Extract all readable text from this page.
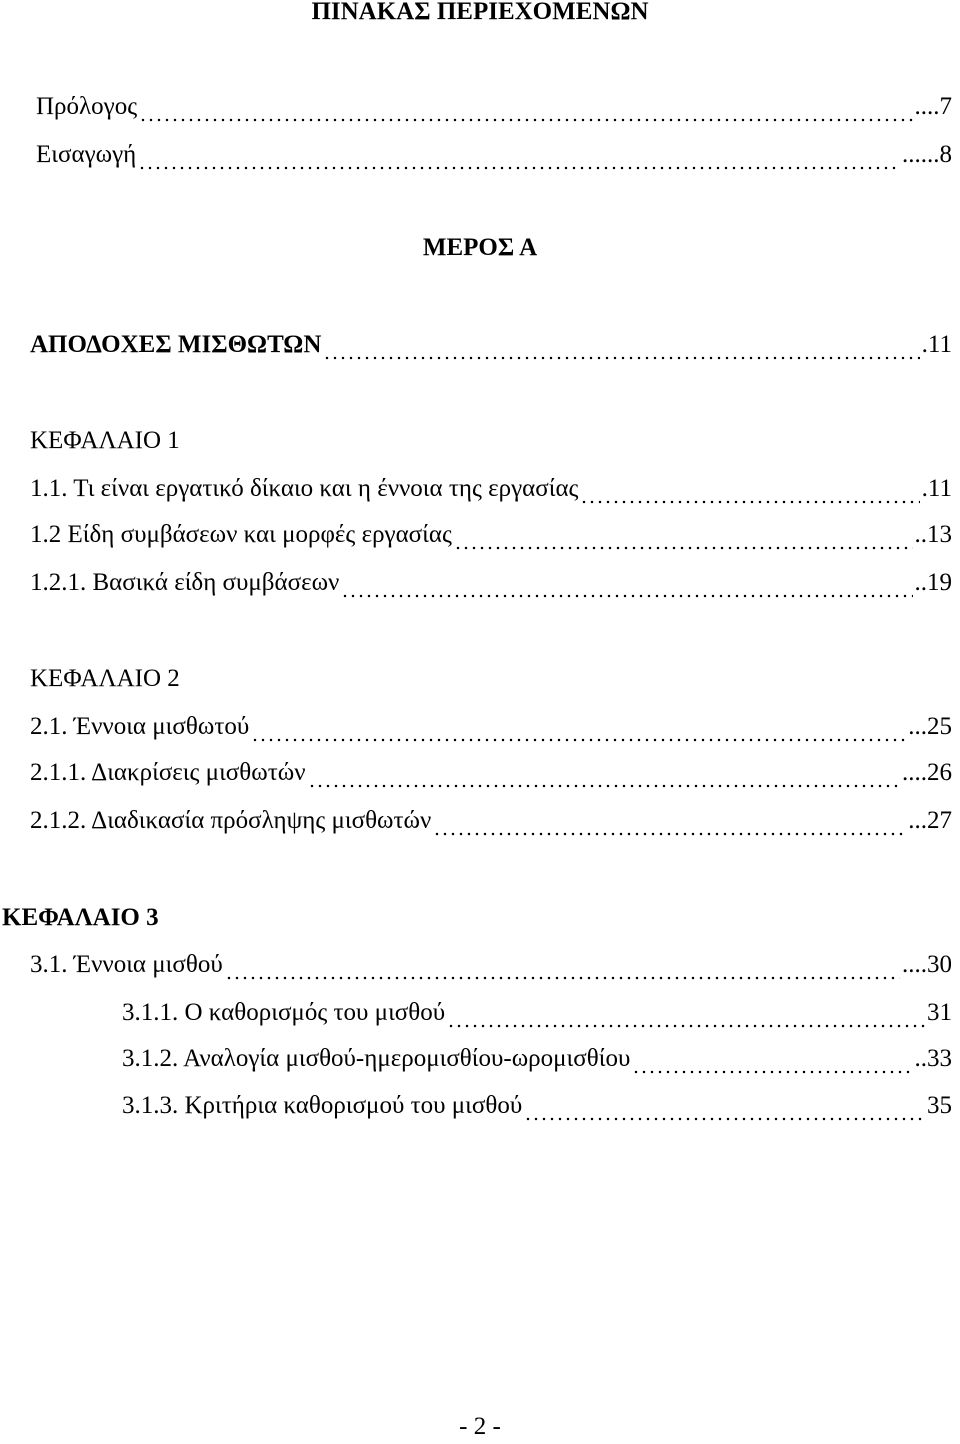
ΠΙΝΑΚΑΣ ΠΕΡΙΕΧΟΜΕΝΩΝ
Πρόλογος	.... 7
Εισαγωγή	...... 8
ΜΕΡΟΣ Α
ΑΠΟΔΟΧΕΣ ΜΙΣΘΩΤΩΝ	. 11
ΚΕΦΑΛΑΙΟ 1
1.1. Τι είναι εργατικό δίκαιο και η έννοια της εργασίας	. 11
1.2 Είδη συμβάσεων και μορφές εργασίας	.. 13
1.2.1. Βασικά είδη συμβάσεων	.. 19
ΚΕΦΑΛΑΙΟ 2
2.1. Έννοια μισθωτού	... 25
2.1.1. Διακρίσεις μισθωτών	.... 26
2.1.2. Διαδικασία πρόσληψης μισθωτών	... 27
ΚΕΦΑΛΑΙΟ 3
3.1. Έννοια μισθού	.... 30
3.1.1. Ο καθορισμός του μισθού	31
3.1.2. Αναλογία μισθού-ημερομισθίου-ωρομισθίου	.. 33
3.1.3. Κριτήρια καθορισμού του μισθού	35
- 2 -
